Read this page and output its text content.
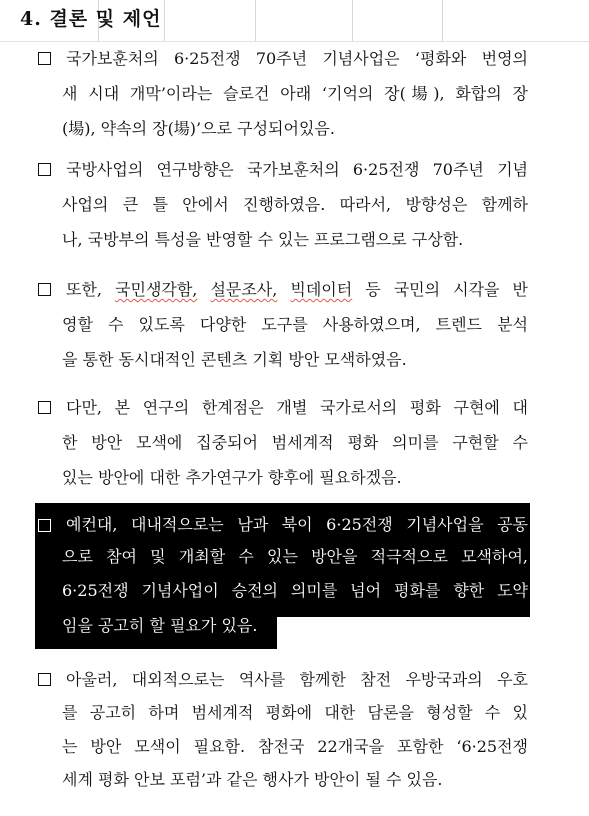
4. 결론 및 제언
국가보훈처의 6·25전쟁 70주년 기념사업은 ‘평화와 번영의
새 시대 개막’이라는 슬로건 아래 ‘기억의 장(場), 화합의 장
(場), 약속의 장(場)’으로 구성되어있음.
국방사업의 연구방향은 국가보훈처의 6·25전쟁 70주년 기념
사업의 큰 틀 안에서 진행하였음. 따라서, 방향성은 함께하
나, 국방부의 특성을 반영할 수 있는 프로그램으로 구상함.
또한, 국민생각함, 설문조사, 빅데이터 등 국민의 시각을 반
영할 수 있도록 다양한 도구를 사용하였으며, 트렌드 분석
을 통한 동시대적인 콘텐츠 기획 방안 모색하였음.
다만, 본 연구의 한계점은 개별 국가로서의 평화 구현에 대
한 방안 모색에 집중되어 범세계적 평화 의미를 구현할 수
있는 방안에 대한 추가연구가 향후에 필요하겠음.
예컨대, 대내적으로는 남과 북이 6·25전쟁 기념사업을 공동
으로 참여 및 개최할 수 있는 방안을 적극적으로 모색하여,
6·25전쟁 기념사업이 승전의 의미를 넘어 평화를 향한 도약
임을 공고히 할 필요가 있음.
아울러, 대외적으로는 역사를 함께한 참전 우방국과의 우호
를 공고히 하며 범세계적 평화에 대한 담론을 형성할 수 있
는 방안 모색이 필요함. 참전국 22개국을 포함한 ‘6·25전쟁
세계 평화 안보 포럼’과 같은 행사가 방안이 될 수 있음.
